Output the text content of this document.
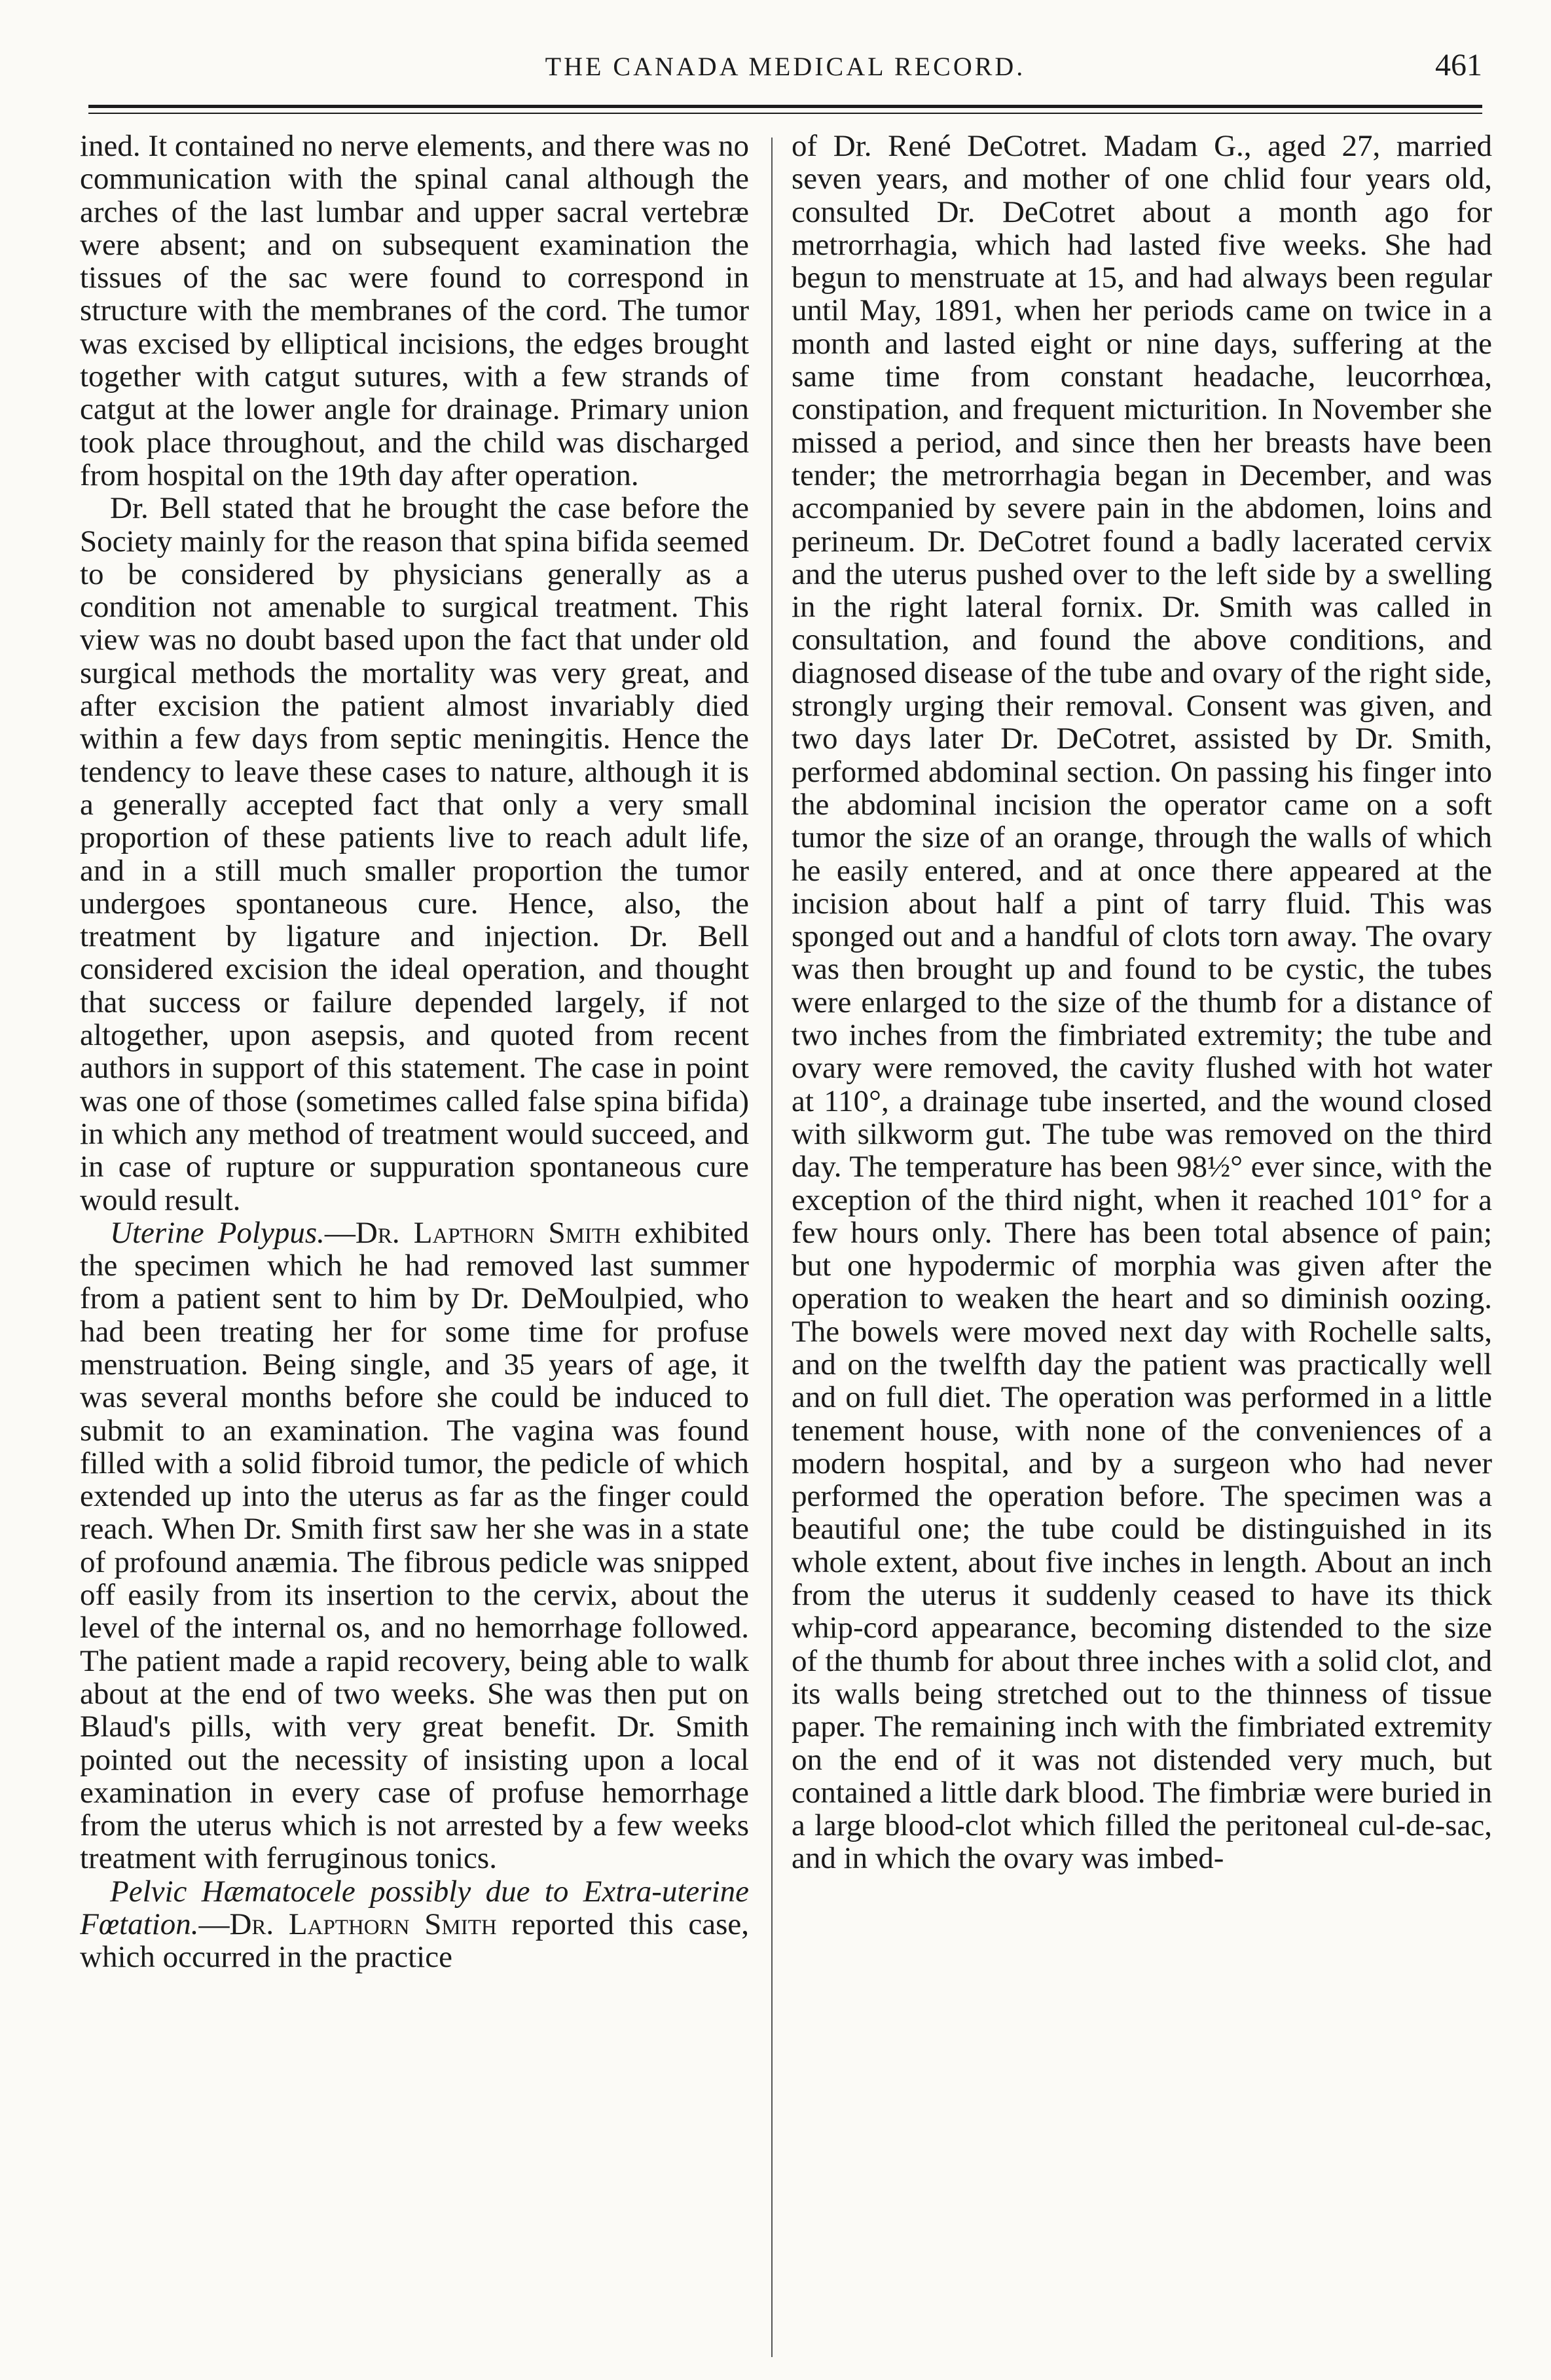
THE CANADA MEDICAL RECORD.	461

ined. It contained no nerve elements, and there was no communication with the spinal canal although the arches of the last lumbar and upper sacral vertebræ were absent; and on subsequent examination the tissues of the sac were found to correspond in structure with the membranes of the cord. The tumor was excised by elliptical incisions, the edges brought together with catgut sutures, with a few strands of catgut at the lower angle for drainage. Primary union took place throughout, and the child was discharged from hospital on the 19th day after operation.

Dr. Bell stated that he brought the case before the Society mainly for the reason that spina bifida seemed to be considered by physicians generally as a condition not amenable to surgical treatment. This view was no doubt based upon the fact that under old surgical methods the mortality was very great, and after excision the patient almost invariably died within a few days from septic meningitis. Hence the tendency to leave these cases to nature, although it is a generally accepted fact that only a very small proportion of these patients live to reach adult life, and in a still much smaller proportion the tumor undergoes spontaneous cure. Hence, also, the treatment by ligature and injection. Dr. Bell considered excision the ideal operation, and thought that success or failure depended largely, if not altogether, upon asepsis, and quoted from recent authors in support of this statement. The case in point was one of those (sometimes called false spina bifida) in which any method of treatment would succeed, and in case of rupture or suppuration spontaneous cure would result.

Uterine Polypus.—Dr. Lapthorn Smith exhibited the specimen which he had removed last summer from a patient sent to him by Dr. DeMoulpied, who had been treating her for some time for profuse menstruation. Being single, and 35 years of age, it was several months before she could be induced to submit to an examination. The vagina was found filled with a solid fibroid tumor, the pedicle of which extended up into the uterus as far as the finger could reach. When Dr. Smith first saw her she was in a state of profound anæmia. The fibrous pedicle was snipped off easily from its insertion to the cervix, about the level of the internal os, and no hemorrhage followed. The patient made a rapid recovery, being able to walk about at the end of two weeks. She was then put on Blaud's pills, with very great benefit. Dr. Smith pointed out the necessity of insisting upon a local examination in every case of profuse hemorrhage from the uterus which is not arrested by a few weeks treatment with ferruginous tonics.

Pelvic Hæmatocele possibly due to Extra-uterine Fœtation.—Dr. Lapthorn Smith reported this case, which occurred in the practice

of Dr. René DeCotret. Madam G., aged 27, married seven years, and mother of one chlid four years old, consulted Dr. DeCotret about a month ago for metrorrhagia, which had lasted five weeks. She had begun to menstruate at 15, and had always been regular until May, 1891, when her periods came on twice in a month and lasted eight or nine days, suffering at the same time from constant headache, leucorrhœa, constipation, and frequent micturition. In November she missed a period, and since then her breasts have been tender; the metrorrhagia began in December, and was accompanied by severe pain in the abdomen, loins and perineum. Dr. DeCotret found a badly lacerated cervix and the uterus pushed over to the left side by a swelling in the right lateral fornix. Dr. Smith was called in consultation, and found the above conditions, and diagnosed disease of the tube and ovary of the right side, strongly urging their removal. Consent was given, and two days later Dr. DeCotret, assisted by Dr. Smith, performed abdominal section. On passing his finger into the abdominal incision the operator came on a soft tumor the size of an orange, through the walls of which he easily entered, and at once there appeared at the incision about half a pint of tarry fluid. This was sponged out and a handful of clots torn away. The ovary was then brought up and found to be cystic, the tubes were enlarged to the size of the thumb for a distance of two inches from the fimbriated extremity; the tube and ovary were removed, the cavity flushed with hot water at 110°, a drainage tube inserted, and the wound closed with silkworm gut. The tube was removed on the third day. The temperature has been 98½° ever since, with the exception of the third night, when it reached 101° for a few hours only. There has been total absence of pain; but one hypodermic of morphia was given after the operation to weaken the heart and so diminish oozing. The bowels were moved next day with Rochelle salts, and on the twelfth day the patient was practically well and on full diet. The operation was performed in a little tenement house, with none of the conveniences of a modern hospital, and by a surgeon who had never performed the operation before. The specimen was a beautiful one; the tube could be distinguished in its whole extent, about five inches in length. About an inch from the uterus it suddenly ceased to have its thick whip-cord appearance, becoming distended to the size of the thumb for about three inches with a solid clot, and its walls being stretched out to the thinness of tissue paper. The remaining inch with the fimbriated extremity on the end of it was not distended very much, but contained a little dark blood. The fimbriæ were buried in a large blood-clot which filled the peritoneal cul-de-sac, and in which the ovary was imbed-
